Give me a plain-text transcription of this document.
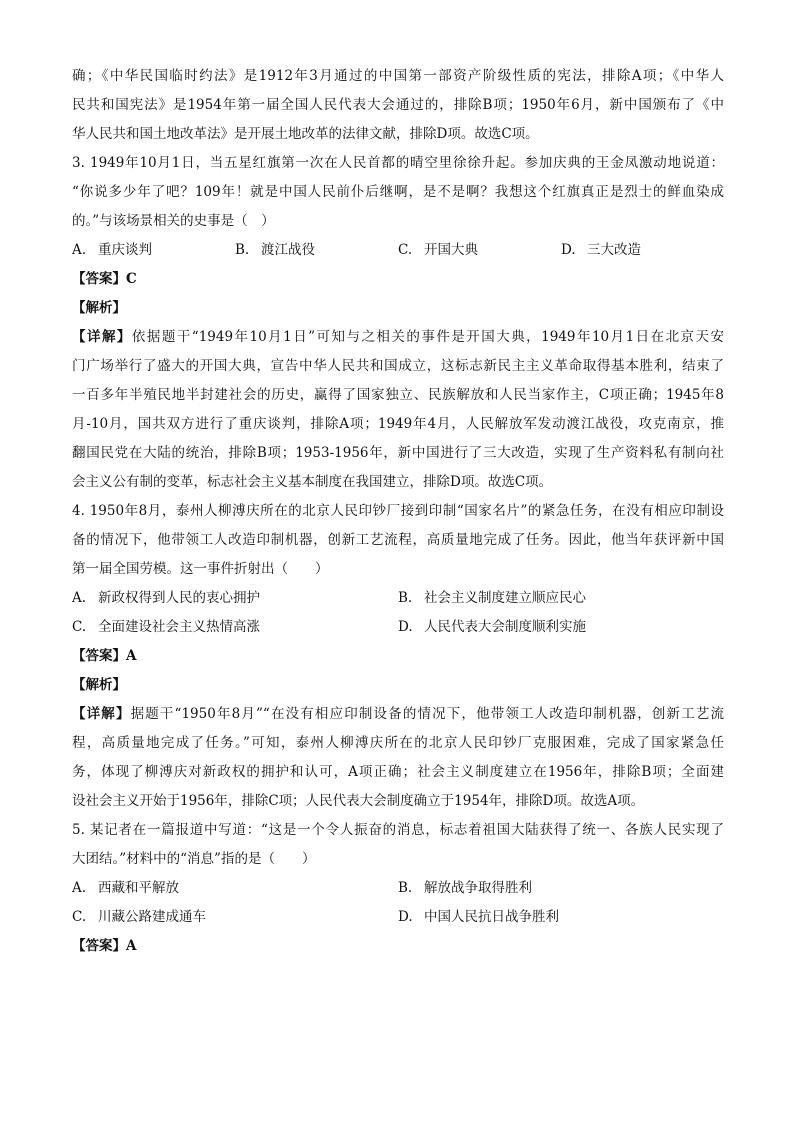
确；《中华民国临时约法》是1912年3月通过的中国第一部资产阶级性质的宪法，排除A项；《中华人
民共和国宪法》是1954年第一届全国人民代表大会通过的，排除B项；1950年6月，新中国颁布了《中
华人民共和国土地改革法》是开展土地改革的法律文献，排除D项。故选C项。
3. 1949年10月1日，当五星红旗第一次在人民首都的晴空里徐徐升起。参加庆典的王金凤激动地说道：
“你说多少年了吧？109年！就是中国人民前仆后继啊，是不是啊？我想这个红旗真正是烈士的鲜血染成
的。”与该场景相关的史事是（　）
A. 重庆谈判	B. 渡江战役	C. 开国大典	D. 三大改造
【答案】C
【解析】
【详解】依据题干“1949年10月1日”可知与之相关的事件是开国大典，1949年10月1日在北京天安
门广场举行了盛大的开国大典，宣告中华人民共和国成立，这标志新民主主义革命取得基本胜利，结束了
一百多年半殖民地半封建社会的历史，赢得了国家独立、民族解放和人民当家作主，C项正确；1945年8
月-10月，国共双方进行了重庆谈判，排除A项；1949年4月，人民解放军发动渡江战役，攻克南京，推
翻国民党在大陆的统治，排除B项；1953-1956年，新中国进行了三大改造，实现了生产资料私有制向社
会主义公有制的变革，标志社会主义基本制度在我国建立，排除D项。故选C项。
4. 1950年8月，泰州人柳溥庆所在的北京人民印钞厂接到印制“国家名片”的紧急任务，在没有相应印制设
备的情况下，他带领工人改造印制机器，创新工艺流程，高质量地完成了任务。因此，他当年获评新中国
第一届全国劳模。这一事件折射出（　　）
A. 新政权得到人民的衷心拥护	B. 社会主义制度建立顺应民心
C. 全面建设社会主义热情高涨	D. 人民代表大会制度顺利实施
【答案】A
【解析】
【详解】据题干“1950年8月”“在没有相应印制设备的情况下，他带领工人改造印制机器，创新工艺流
程，高质量地完成了任务。”可知，泰州人柳溥庆所在的北京人民印钞厂克服困难，完成了国家紧急任
务，体现了柳溥庆对新政权的拥护和认可，A项正确；社会主义制度建立在1956年，排除B项；全面建
设社会主义开始于1956年，排除C项；人民代表大会制度确立于1954年，排除D项。故选A项。
5. 某记者在一篇报道中写道：“这是一个令人振奋的消息，标志着祖国大陆获得了统一、各族人民实现了
大团结。”材料中的“消息”指的是（　　）
A. 西藏和平解放	B. 解放战争取得胜利
C. 川藏公路建成通车	D. 中国人民抗日战争胜利
【答案】A
